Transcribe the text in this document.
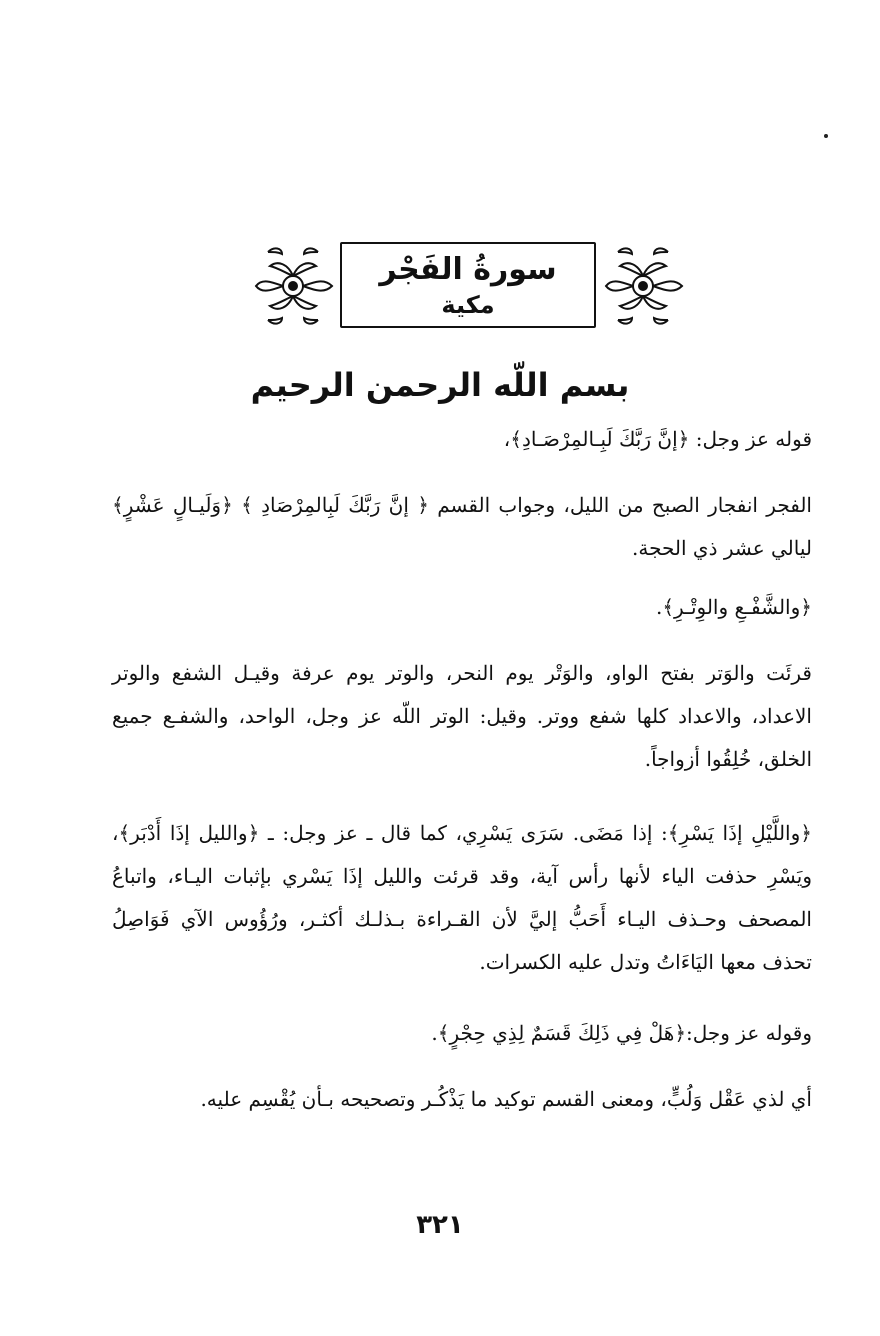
سورةُ الفَجْر
مكية
بسم اللّه الرحمن الرحيم

قوله عز وجل: ﴿إنَّ رَبَّكَ لَبِـالمِرْصَـادِ﴾،

الفجر انفجار الصبح من الليل، وجواب القسم ﴿ إنَّ رَبَّكَ لَبِالمِرْصَادِ ﴾ ﴿وَلَيـالٍ عَشْرٍ﴾ ليالي عشر ذي الحجة.

﴿والشَّفْـعِ والوِتْـرِ﴾.

قرئَت والوَتر بفتح الواو، والوَتْر يوم النحر، والوتر يوم عرفة وقيـل الشفع والوتر الاعداد، والاعداد كلها شفع ووتر. وقيل: الوتر اللّه عز وجل، الواحد، والشفـع جميع الخلق، خُلِقُوا أزواجاً.

﴿واللَّيْلِ إذَا يَسْرِ﴾: إذا مَضَى. سَرَى يَسْرِي، كما قال ـ عز وجل: ـ ﴿والليل إذَا أَدْبَر﴾، ويَسْرِ حذفت الياء لأنها رأس آية، وقد قرئت والليل إذَا يَسْري بإثبات اليـاء، واتباعُ المصحف وحـذف اليـاء أَحَبُّ إليَّ لأن القـراءة بـذلـك أكثـر، ورُؤُوس الآي فَوَاصِلُ تحذف معها اليَاءَاتُ وتدل عليه الكسرات.

وقوله عز وجل:﴿هَلْ فِي ذَلِكَ قَسَمٌ لِذِي حِجْرٍ﴾.

أي لذي عَقْل وَلُبٍّ، ومعنى القسم توكيد ما يَذْكُـر وتصحيحه بـأن يُقْسِم عليه.

٣٢١
